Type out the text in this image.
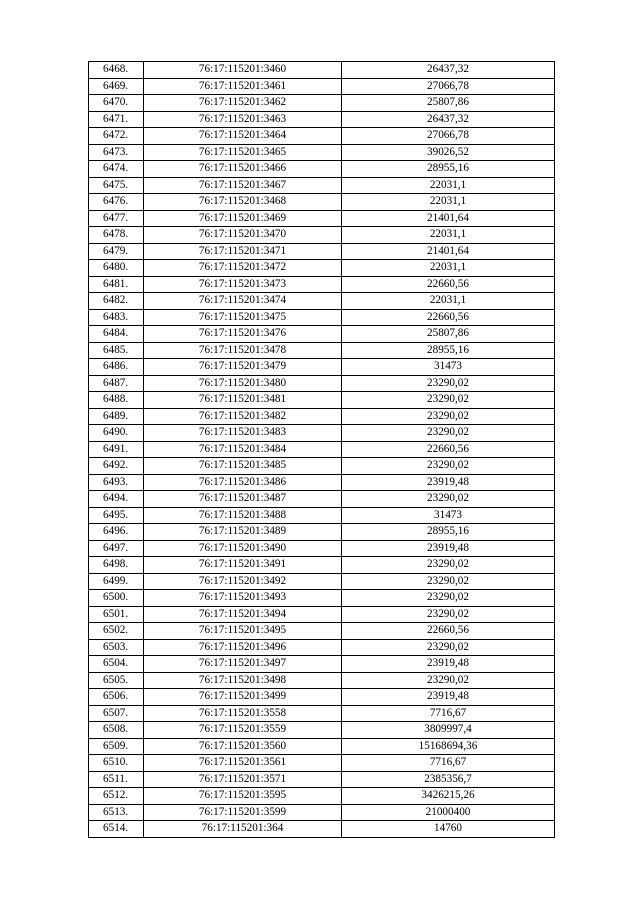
6468.	76:17:115201:3460	26437,32
6469.	76:17:115201:3461	27066,78
6470.	76:17:115201:3462	25807,86
6471.	76:17:115201:3463	26437,32
6472.	76:17:115201:3464	27066,78
6473.	76:17:115201:3465	39026,52
6474.	76:17:115201:3466	28955,16
6475.	76:17:115201:3467	22031,1
6476.	76:17:115201:3468	22031,1
6477.	76:17:115201:3469	21401,64
6478.	76:17:115201:3470	22031,1
6479.	76:17:115201:3471	21401,64
6480.	76:17:115201:3472	22031,1
6481.	76:17:115201:3473	22660,56
6482.	76:17:115201:3474	22031,1
6483.	76:17:115201:3475	22660,56
6484.	76:17:115201:3476	25807,86
6485.	76:17:115201:3478	28955,16
6486.	76:17:115201:3479	31473
6487.	76:17:115201:3480	23290,02
6488.	76:17:115201:3481	23290,02
6489.	76:17:115201:3482	23290,02
6490.	76:17:115201:3483	23290,02
6491.	76:17:115201:3484	22660,56
6492.	76:17:115201:3485	23290,02
6493.	76:17:115201:3486	23919,48
6494.	76:17:115201:3487	23290,02
6495.	76:17:115201:3488	31473
6496.	76:17:115201:3489	28955,16
6497.	76:17:115201:3490	23919,48
6498.	76:17:115201:3491	23290,02
6499.	76:17:115201:3492	23290,02
6500.	76:17:115201:3493	23290,02
6501.	76:17:115201:3494	23290,02
6502.	76:17:115201:3495	22660,56
6503.	76:17:115201:3496	23290,02
6504.	76:17:115201:3497	23919,48
6505.	76:17:115201:3498	23290,02
6506.	76:17:115201:3499	23919,48
6507.	76:17:115201:3558	7716,67
6508.	76:17:115201:3559	3809997,4
6509.	76:17:115201:3560	15168694,36
6510.	76:17:115201:3561	7716,67
6511.	76:17:115201:3571	2385356,7
6512.	76:17:115201:3595	3426215,26
6513.	76:17:115201:3599	21000400
6514.	76:17:115201:364	14760
